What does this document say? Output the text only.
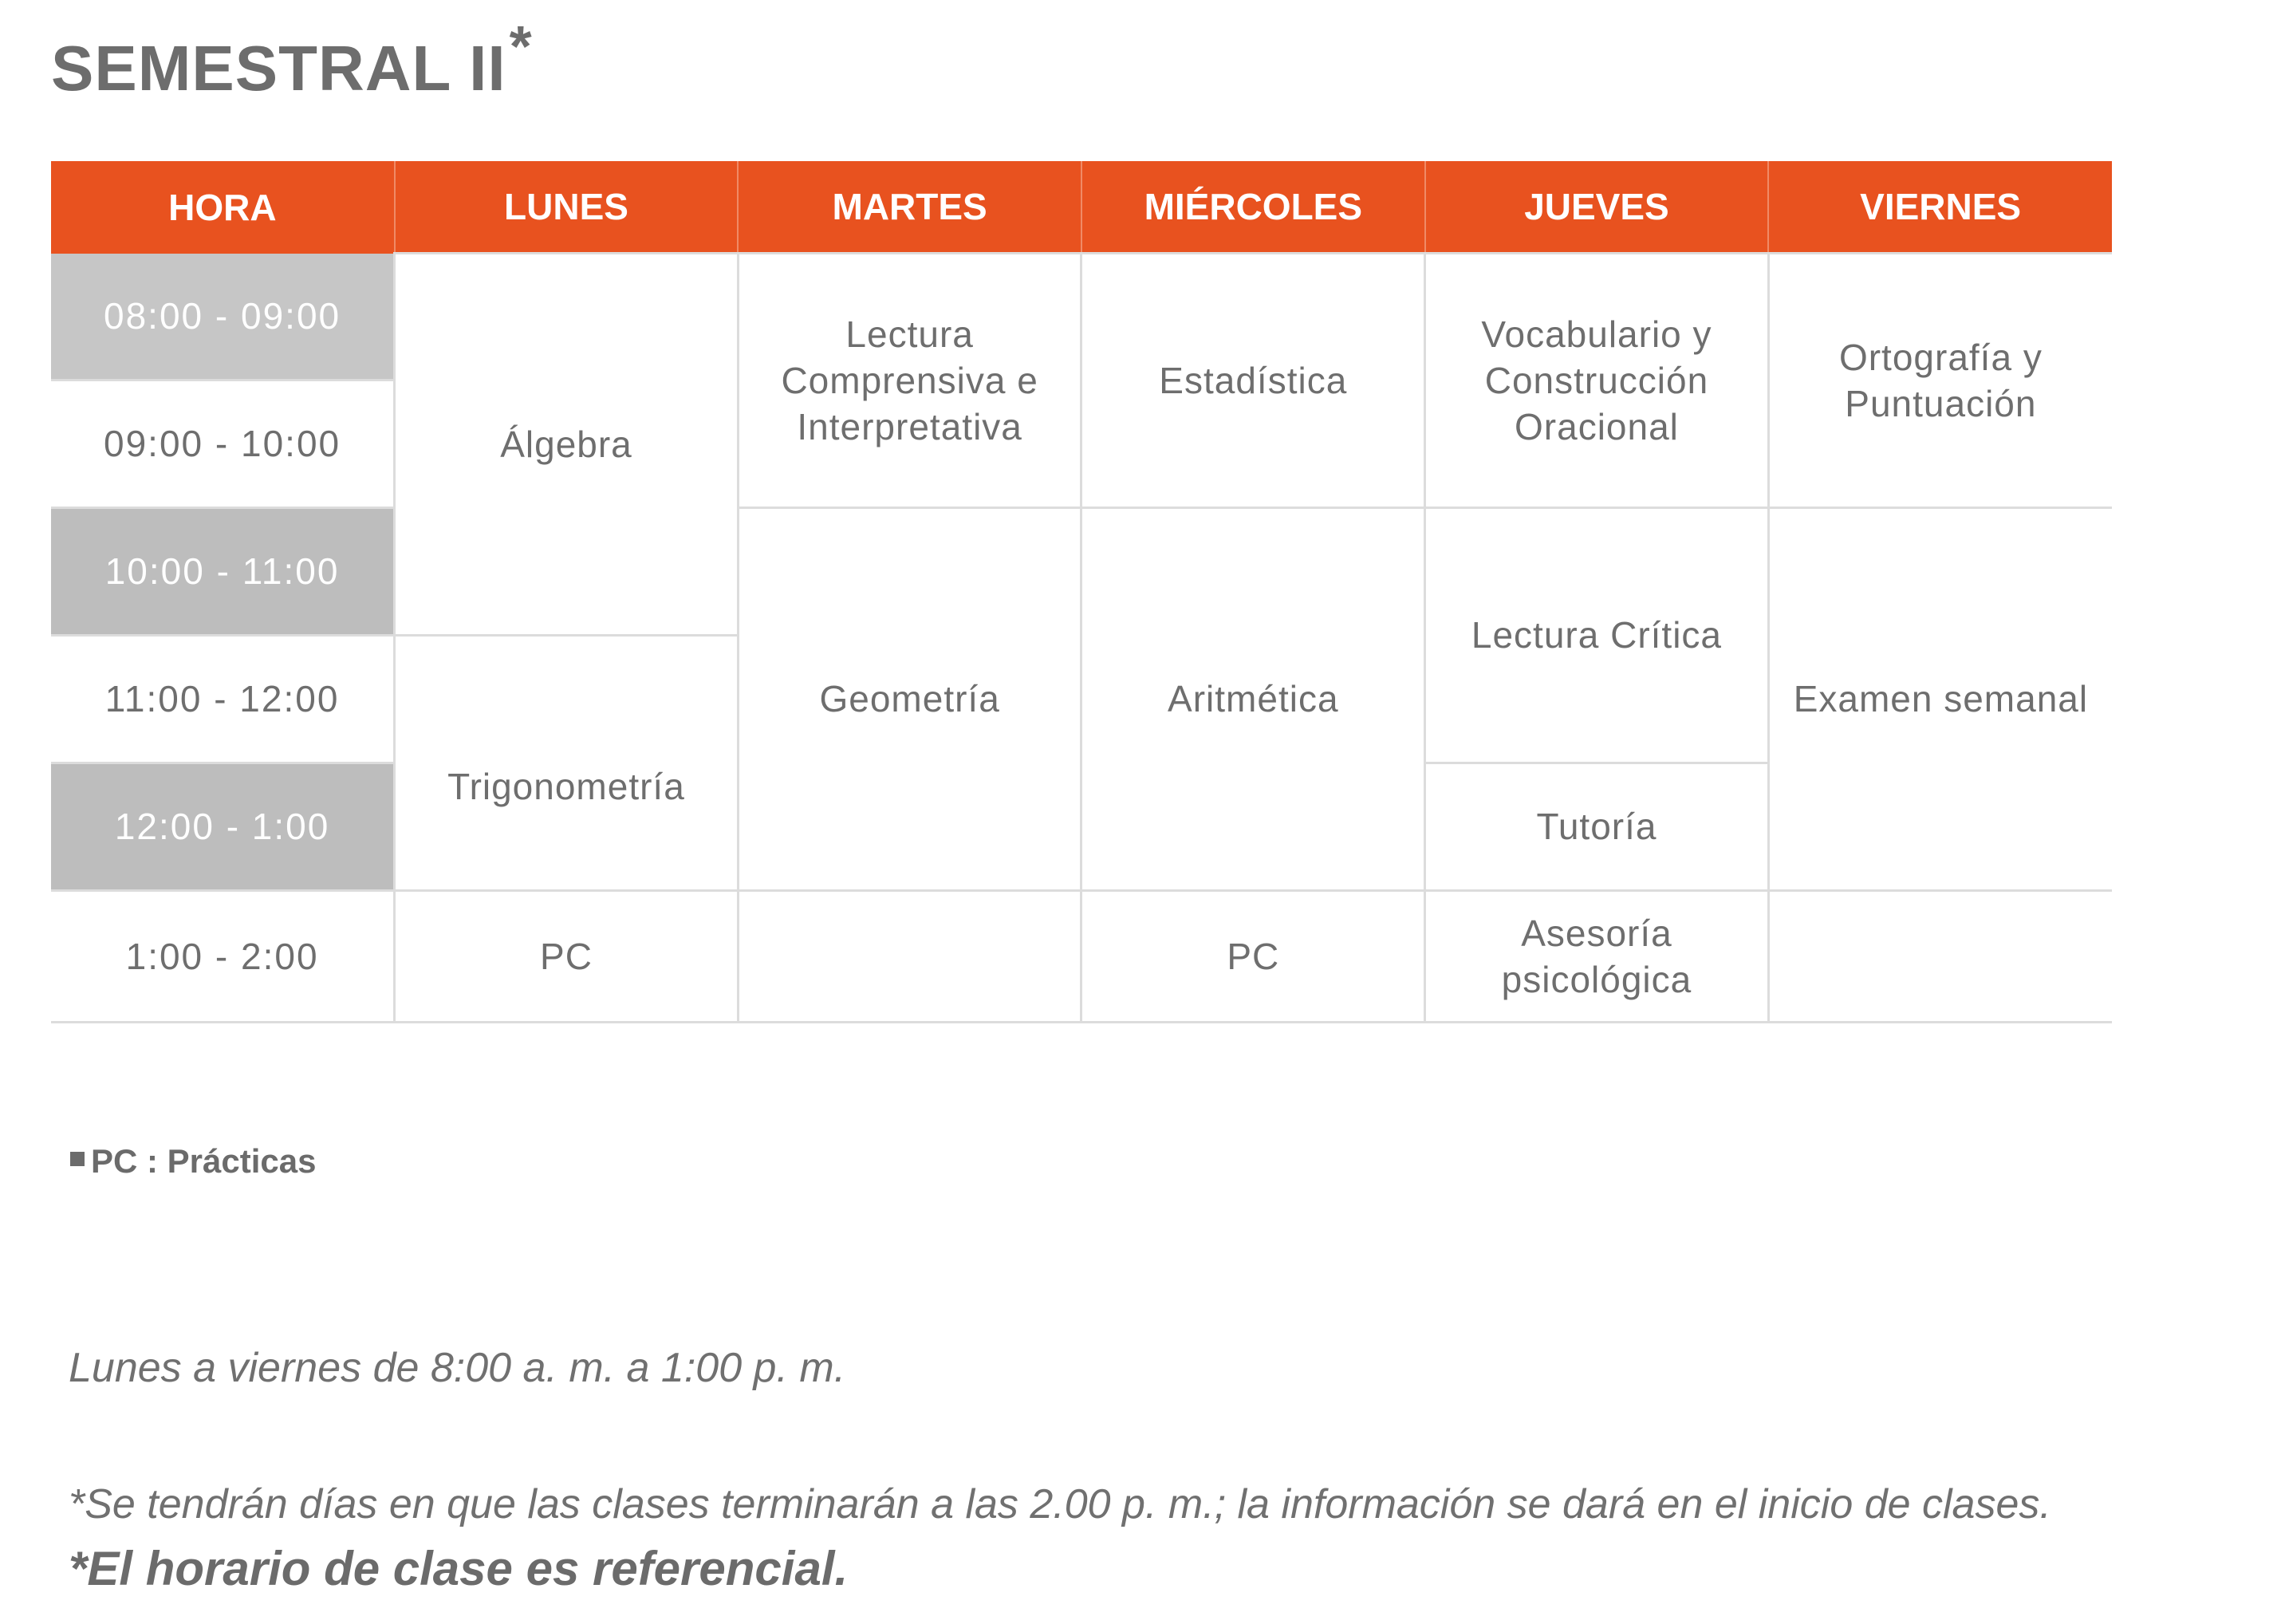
SEMESTRAL II*
HORA	LUNES	MARTES	MIÉRCOLES	JUEVES	VIERNES
08:00 - 09:00	Álgebra	Lectura Comprensiva e Interpretativa	Estadística	Vocabulario y Construcción Oracional	Ortografía y Puntuación
09:00 - 10:00					
10:00 - 11:00		Geometría	Aritmética	Lectura Crítica	Examen semanal
11:00 - 12:00	Trigonometría				
12:00 - 1:00				Tutoría	
1:00 - 2:00	PC		PC	Asesoría psicológica	
PC : Prácticas
Lunes a viernes de 8:00 a. m. a 1:00 p. m.
*Se tendrán días en que las clases terminarán a las 2.00 p. m.; la información se dará en el inicio de clases.
*El horario de clase es referencial.
